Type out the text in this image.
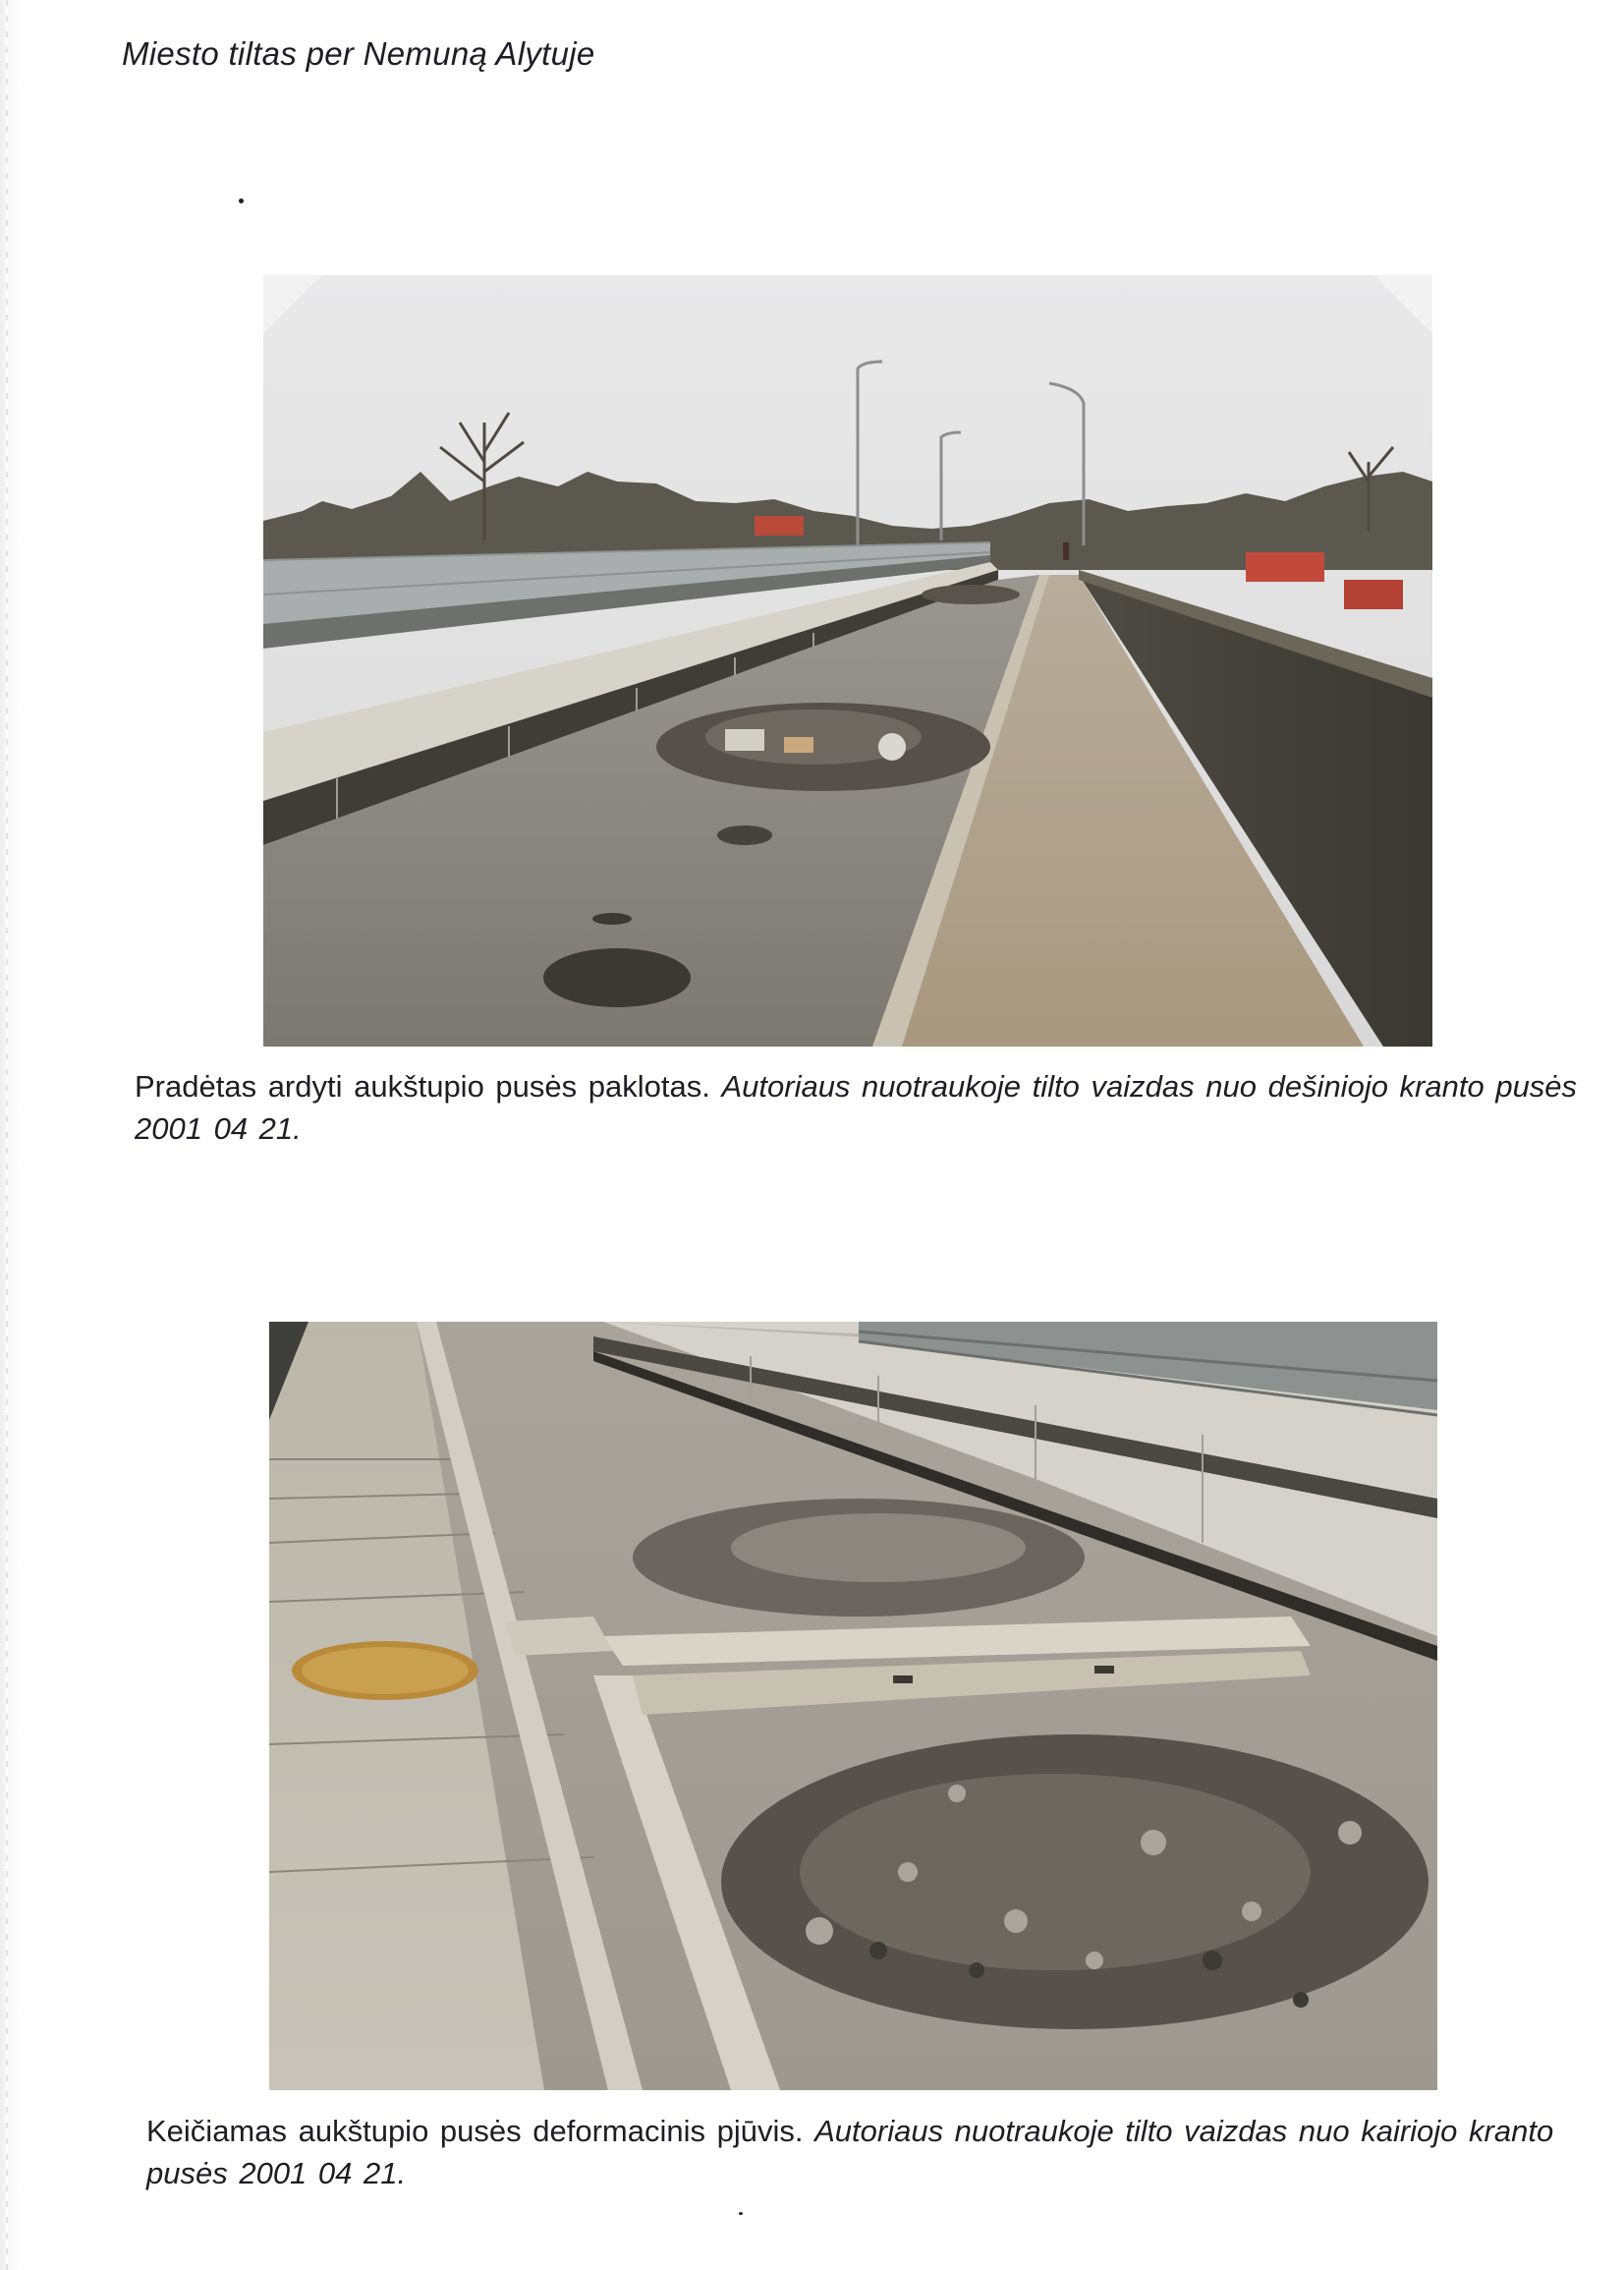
Miesto tiltas per Nemuną Alytuje
Pradėtas ardyti aukštupio pusės paklotas. Autoriaus nuotraukoje tilto vaizdas nuo dešiniojo kranto pusės 2001 04 21.
Keičiamas aukštupio pusės deformacinis pjūvis. Autoriaus nuotraukoje tilto vaizdas nuo kairiojo kranto pusės 2001 04 21.
